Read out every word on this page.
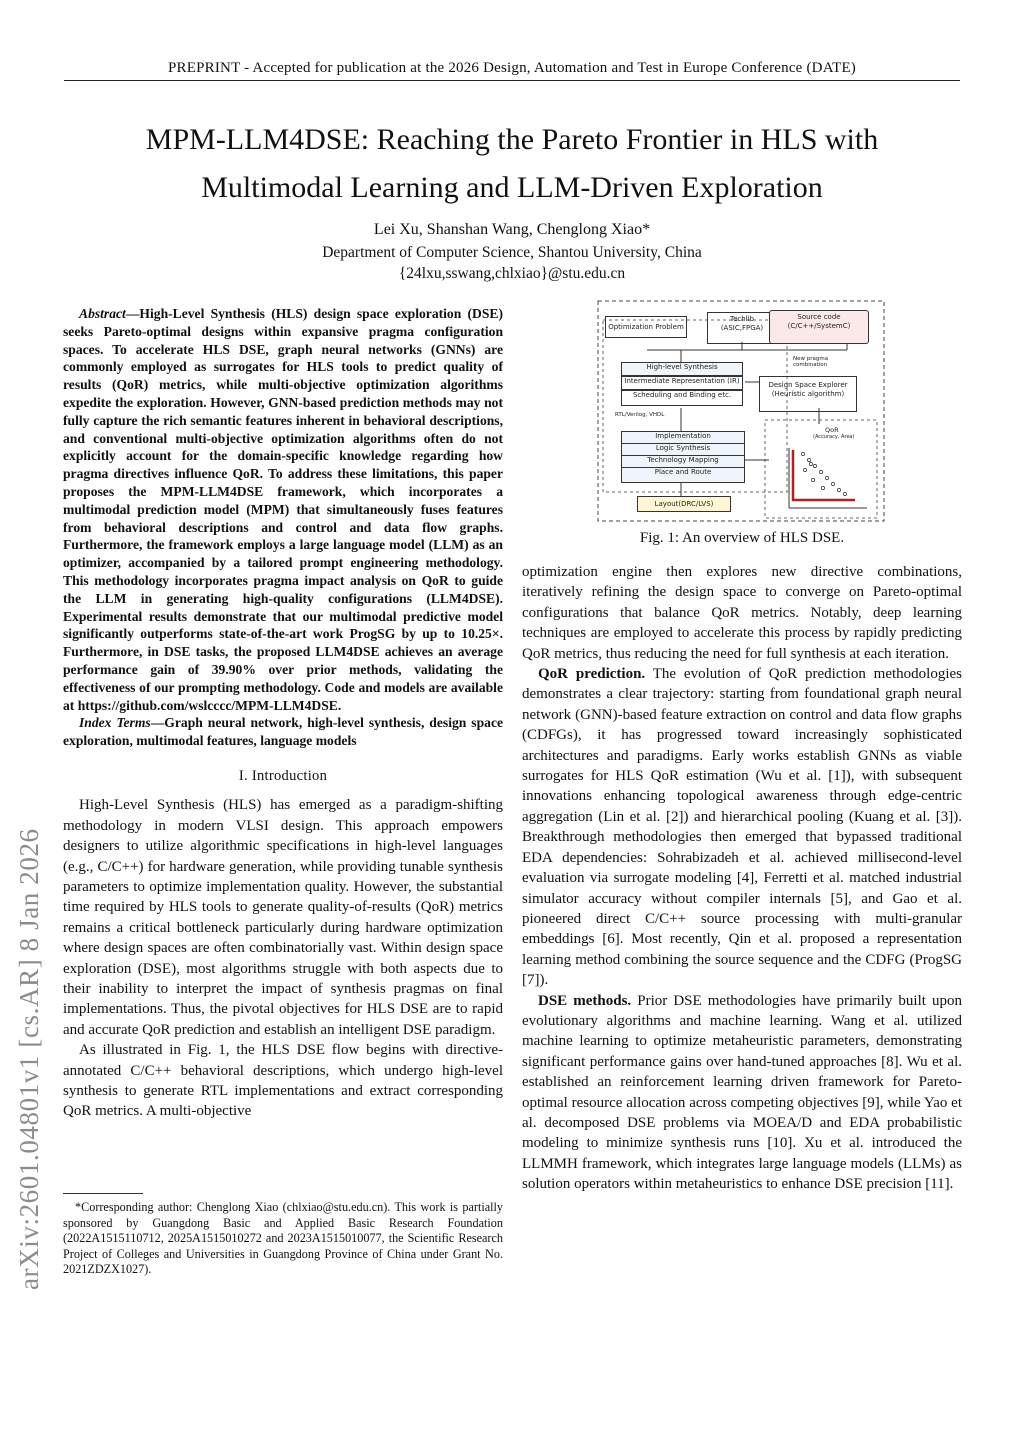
PREPRINT - Accepted for publication at the 2026 Design, Automation and Test in Europe Conference (DATE)
MPM-LLM4DSE: Reaching the Pareto Frontier in HLS with
Multimodal Learning and LLM-Driven Exploration
Lei Xu, Shanshan Wang, Chenglong Xiao*
Department of Computer Science, Shantou University, China
{24lxu,sswang,chlxiao}@stu.edu.cn
arXiv:2601.04801v1 [cs.AR] 8 Jan 2026

Abstract—High-Level Synthesis (HLS) design space exploration (DSE) seeks Pareto-optimal designs within expansive pragma configuration spaces. To accelerate HLS DSE, graph neural networks (GNNs) are commonly employed as surrogates for HLS tools to predict quality of results (QoR) metrics, while multi-objective optimization algorithms expedite the exploration. However, GNN-based prediction methods may not fully capture the rich semantic features inherent in behavioral descriptions, and conventional multi-objective optimization algorithms often do not explicitly account for the domain-specific knowledge regarding how pragma directives influence QoR. To address these limitations, this paper proposes the MPM-LLM4DSE framework, which incorporates a multimodal prediction model (MPM) that simultaneously fuses features from behavioral descriptions and control and data flow graphs. Furthermore, the framework employs a large language model (LLM) as an optimizer, accompanied by a tailored prompt engineering methodology. This methodology incorporates pragma impact analysis on QoR to guide the LLM in generating high-quality configurations (LLM4DSE). Experimental results demonstrate that our multimodal predictive model significantly outperforms state-of-the-art work ProgSG by up to 10.25×. Furthermore, in DSE tasks, the proposed LLM4DSE achieves an average performance gain of 39.90% over prior methods, validating the effectiveness of our prompting methodology. Code and models are available at https://github.com/wslcccc/MPM-LLM4DSE.

Index Terms—Graph neural network, high-level synthesis, design space exploration, multimodal features, language models

I. Introduction

High-Level Synthesis (HLS) has emerged as a paradigm-shifting methodology in modern VLSI design. This approach empowers designers to utilize algorithmic specifications in high-level languages (e.g., C/C++) for hardware generation, while providing tunable synthesis parameters to optimize implementation quality. However, the substantial time required by HLS tools to generate quality-of-results (QoR) metrics remains a critical bottleneck particularly during hardware optimization where design spaces are often combinatorially vast. Within design space exploration (DSE), most algorithms struggle with both aspects due to their inability to interpret the impact of synthesis pragmas on final implementations. Thus, the pivotal objectives for HLS DSE are to rapid and accurate QoR prediction and establish an intelligent DSE paradigm.

As illustrated in Fig. 1, the HLS DSE flow begins with directive-annotated C/C++ behavioral descriptions, which undergo high-level synthesis to generate RTL implementations and extract corresponding QoR metrics. A multi-objective

*Corresponding author: Chenglong Xiao (chlxiao@stu.edu.cn). This work is partially sponsored by Guangdong Basic and Applied Basic Research Foundation (2022A1515110712, 2025A1515010272 and 2023A1515010077, the Scientific Research Project of Colleges and Universities in Guangdong Province of China under Grant No. 2021ZDZX1027).
Optimization Problem
Techlib (ASIC,FPGA)
Source code (C/C++/SystemC)
High-level Synthesis
Intermediate Representation (IR)
Scheduling and Binding etc.
New pragma combination
Design Space Explorer (Heuristic algorithm)
RTL/Verilog, VHDL
Implementation
Logic Synthesis
Technology Mapping
Place and Route
QoR
(Accuracy, Area)
Layout(DRC/LVS)
Fig. 1: An overview of HLS DSE.

optimization engine then explores new directive combinations, iteratively refining the design space to converge on Pareto-optimal configurations that balance QoR metrics. Notably, deep learning techniques are employed to accelerate this process by rapidly predicting QoR metrics, thus reducing the need for full synthesis at each iteration.

QoR prediction. The evolution of QoR prediction methodologies demonstrates a clear trajectory: starting from foundational graph neural network (GNN)-based feature extraction on control and data flow graphs (CDFGs), it has progressed toward increasingly sophisticated architectures and paradigms. Early works establish GNNs as viable surrogates for HLS QoR estimation (Wu et al. [1]), with subsequent innovations enhancing topological awareness through edge-centric aggregation (Lin et al. [2]) and hierarchical pooling (Kuang et al. [3]). Breakthrough methodologies then emerged that bypassed traditional EDA dependencies: Sohrabizadeh et al. achieved millisecond-level evaluation via surrogate modeling [4], Ferretti et al. matched industrial simulator accuracy without compiler internals [5], and Gao et al. pioneered direct C/C++ source processing with multi-granular embeddings [6]. Most recently, Qin et al. proposed a representation learning method combining the source sequence and the CDFG (ProgSG [7]).

DSE methods. Prior DSE methodologies have primarily built upon evolutionary algorithms and machine learning. Wang et al. utilized machine learning to optimize metaheuristic parameters, demonstrating significant performance gains over hand-tuned approaches [8]. Wu et al. established an reinforcement learning driven framework for Pareto-optimal resource allocation across competing objectives [9], while Yao et al. decomposed DSE problems via MOEA/D and EDA probabilistic modeling to minimize synthesis runs [10]. Xu et al. introduced the LLMMH framework, which integrates large language models (LLMs) as solution operators within metaheuristics to enhance DSE precision [11].
